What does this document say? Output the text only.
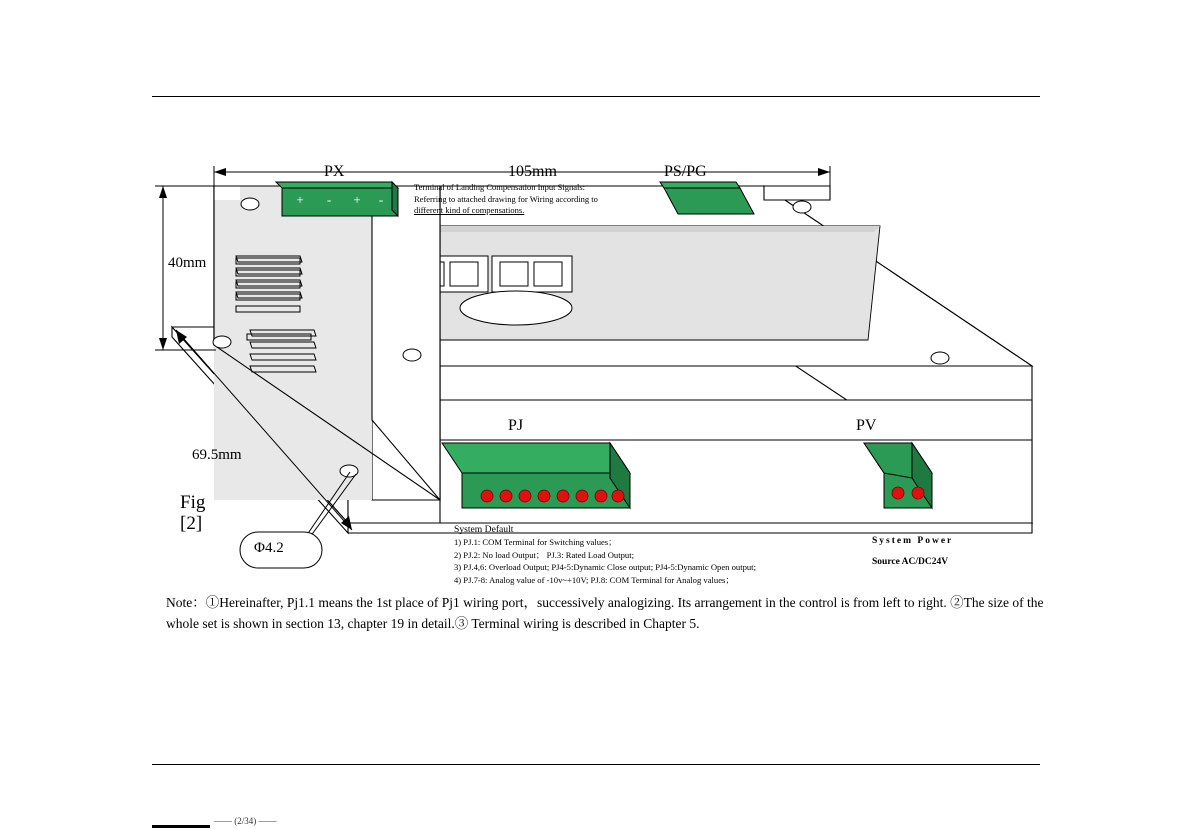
+ - + -
PX	105mm	PS/PG
40mm
69.5mm
PJ	PV
Fig
[2]
Φ4.2
Terminal of Landing Compensation Input Signals:
Referring to attached drawing for Wiring according to
different kind of compensations.
System Default
1) PJ.1: COM Terminal for Switching values；
2) PJ.2: No load Output； PJ.3: Rated Load Output;
3) PJ.4,6: Overload Output; PJ4-5:Dynamic Close output; PJ4-5:Dynamic Open output;
4) PJ.7-8: Analog value of -10v~+10V; PJ.8: COM Terminal for Analog values；
System Power
Source AC/DC24V
Note：①Hereinafter, Pj1.1 means the 1st place of Pj1 wiring port，successively analogizing. Its arrangement in the control is from left to right. ②The size of the whole set is shown in section 13, chapter 19 in detail.③ Terminal wiring is described in Chapter 5.
—— (2/34) ——
